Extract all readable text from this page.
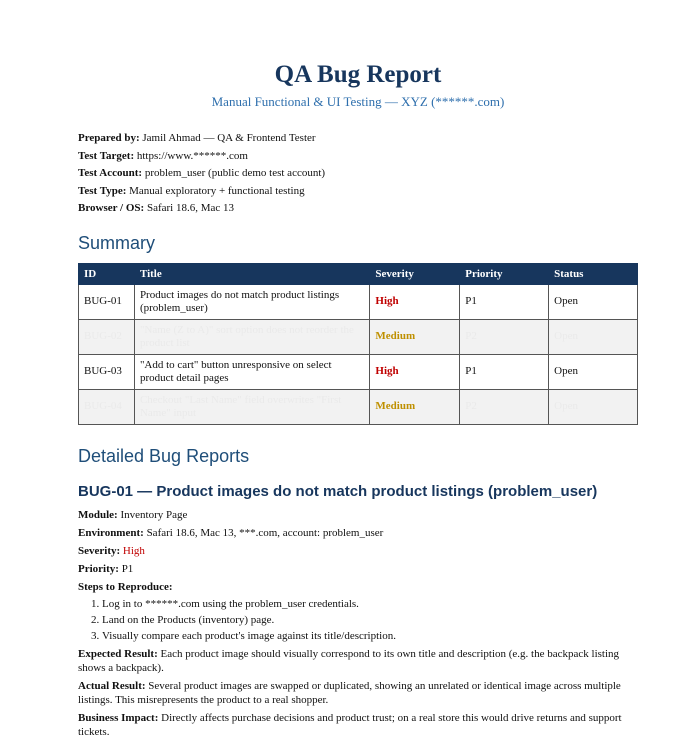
QA Bug Report
Manual Functional & UI Testing — XYZ (******.com)
Prepared by: Jamil Ahmad — QA & Frontend Tester
Test Target: https://www.******.com
Test Account: problem_user (public demo test account)
Test Type: Manual exploratory + functional testing
Browser / OS: Safari 18.6, Mac 13
Summary
ID	Title	Severity	Priority	Status
BUG-01	Product images do not match product listings (problem_user)	High	P1	Open
BUG-02	"Name (Z to A)" sort option does not reorder the product list	Medium	P2	Open
BUG-03	"Add to cart" button unresponsive on select product detail pages	High	P1	Open
BUG-04	Checkout "Last Name" field overwrites "First Name" input	Medium	P2	Open
Detailed Bug Reports
BUG-01 — Product images do not match product listings (problem_user)

Module: Inventory Page

Environment: Safari 18.6, Mac 13, ***.com, account: problem_user

Severity: High

Priority: P1

Steps to Reproduce:

1. Log in to ******.com using the problem_user credentials.
2. Land on the Products (inventory) page.
3. Visually compare each product's image against its title/description.

Expected Result: Each product image should visually correspond to its own title and description (e.g. the backpack listing shows a backpack).

Actual Result: Several product images are swapped or duplicated, showing an unrelated or identical image across multiple listings. This misrepresents the product to a real shopper.

Business Impact: Directly affects purchase decisions and product trust; on a real store this would drive returns and support tickets.
